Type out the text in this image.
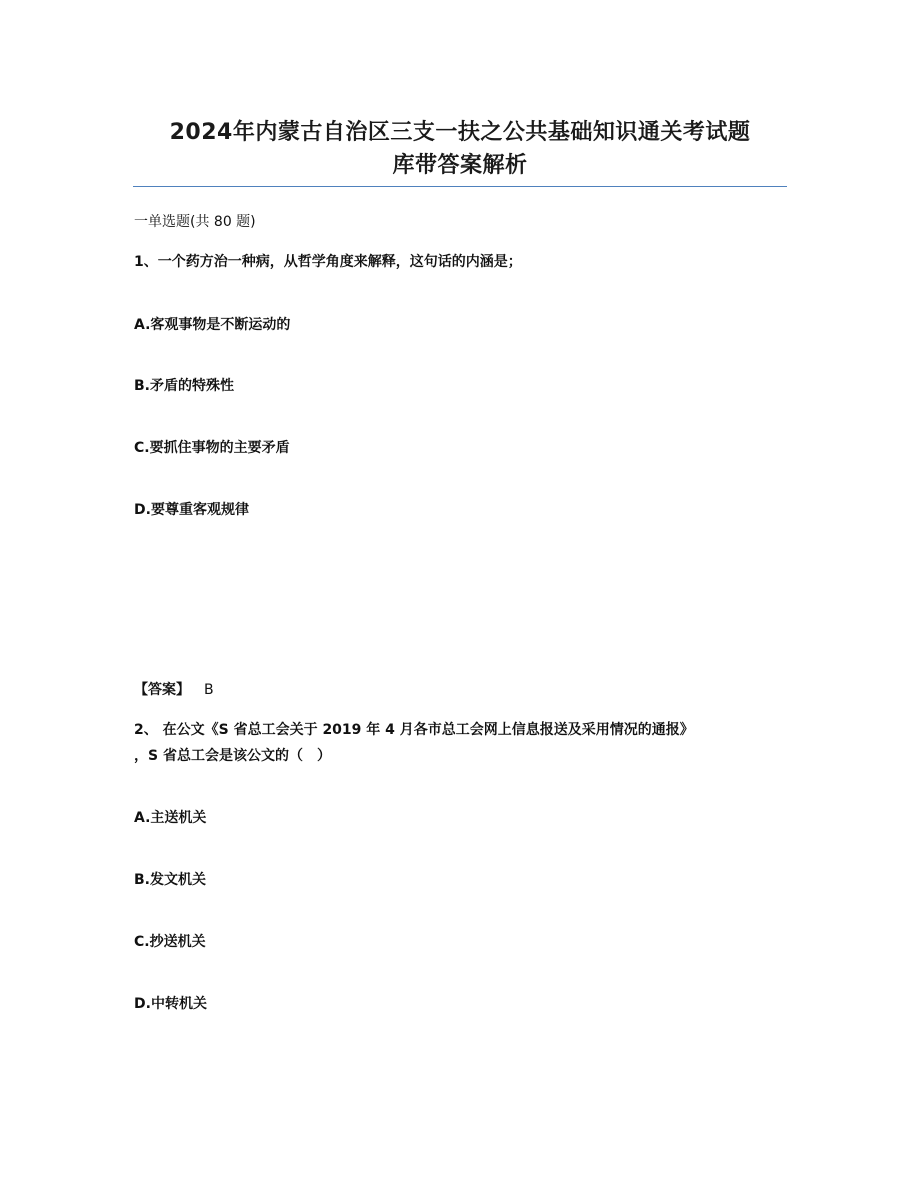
2024年内蒙古自治区三支一扶之公共基础知识通关考试题
库带答案解析
一单选题(共 80 题)
1、一个药方治一种病，从哲学角度来解释，这句话的内涵是；
A.客观事物是不断运动的
B.矛盾的特殊性
C.要抓住事物的主要矛盾
D.要尊重客观规律
【答案】 B
2、 在公文《S 省总工会关于 2019 年 4 月各市总工会网上信息报送及采用情况的通报》
，S 省总工会是该公文的（　）
A.主送机关
B.发文机关
C.抄送机关
D.中转机关
